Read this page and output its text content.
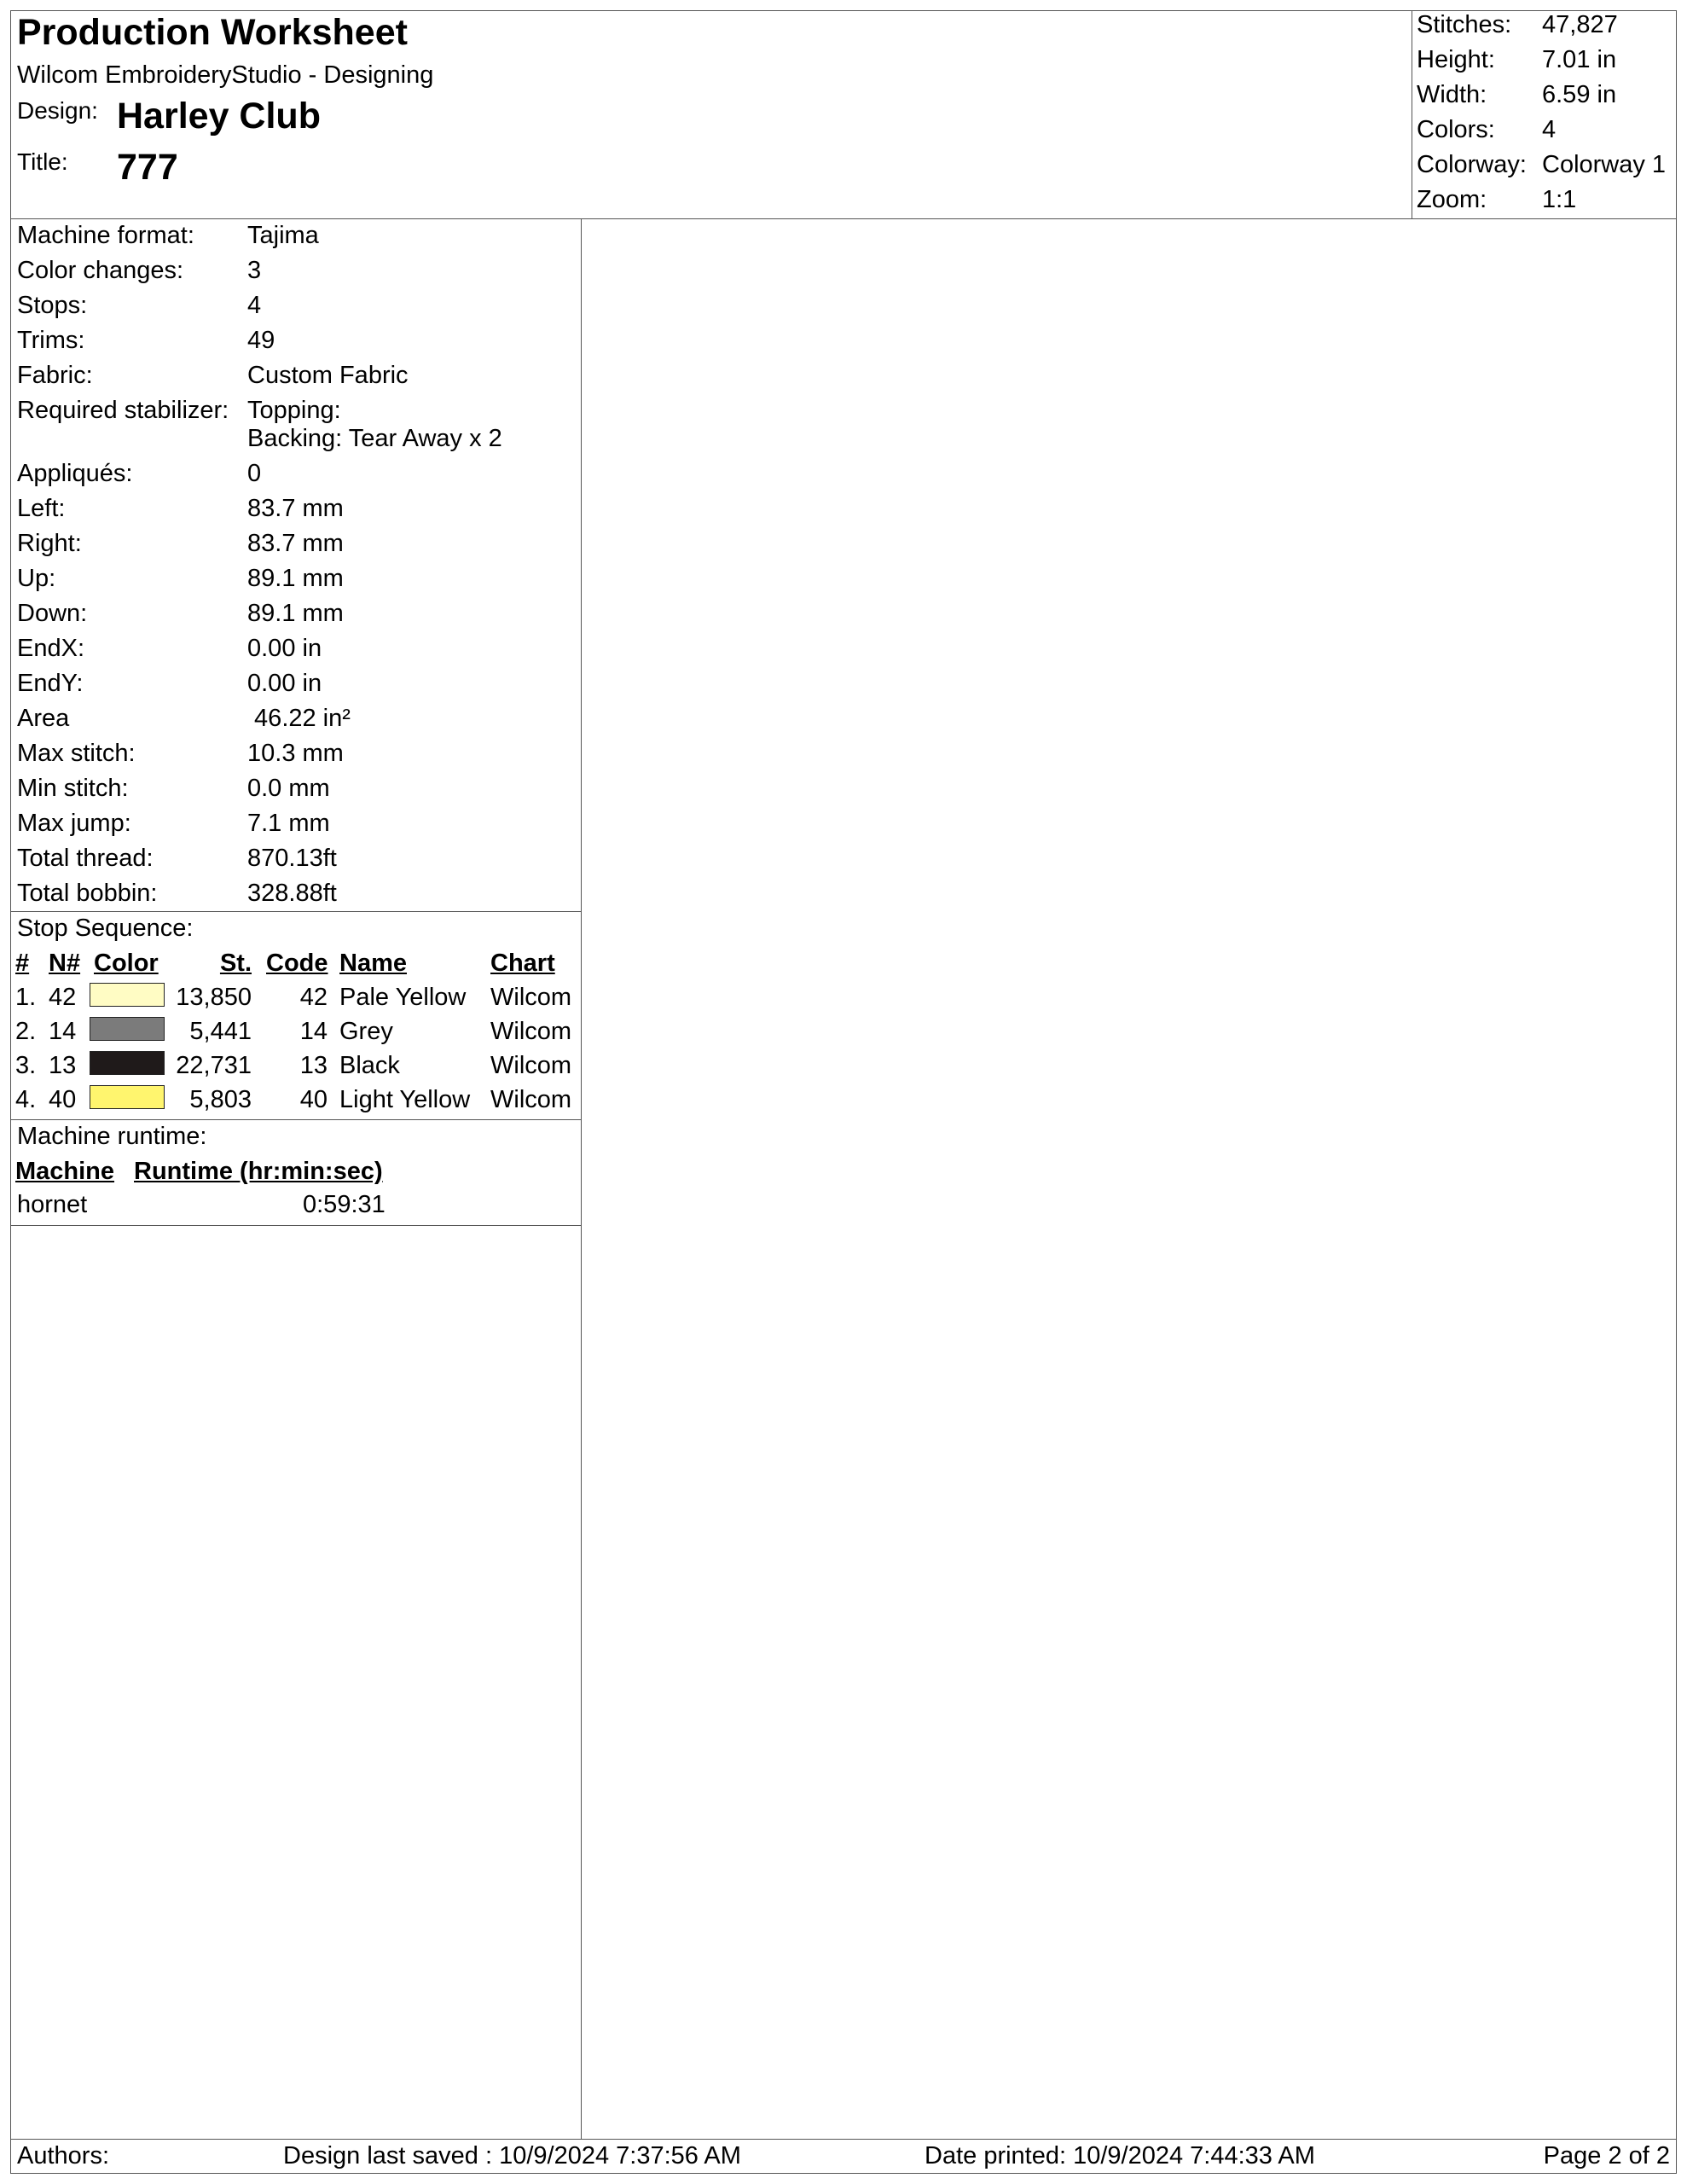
Production Worksheet
Wilcom EmbroideryStudio - Designing
Design: Harley Club
Title: 777
Stitches: 47,827
Height: 7.01 in
Width: 6.59 in
Colors: 4
Colorway: Colorway 1
Zoom: 1:1
Machine format: Tajima
Color changes:	3
Stops:	4
Trims:	49
Fabric:	Custom Fabric
Required stabilizer: Topping:
Backing: Tear Away x 2
Appliqués:	0
Left:	83.7 mm
Right:	83.7 mm
Up:	89.1 mm
Down:	89.1 mm
EndX:	0.00 in
EndY:	0.00 in
Area	46.22 in²
Max stitch:	10.3 mm
Min stitch:	0.0 mm
Max jump:	7.1 mm
Total thread:	870.13ft
Total bobbin:	328.88ft
Stop Sequence:
# N# Color	St. Code Name	Chart
1. 42	13,850	42 Pale Yellow Wilcom
2. 14	5,441	14 Grey	Wilcom
3. 13	22,731	13 Black	Wilcom
4. 40	5,803	40 Light Yellow Wilcom
Machine runtime:
Machine Runtime (hr:min:sec)
hornet	0:59:31
Authors:	Design last saved : 10/9/2024 7:37:56 AM	Date printed: 10/9/2024 7:44:33 AM	Page 2 of 2
